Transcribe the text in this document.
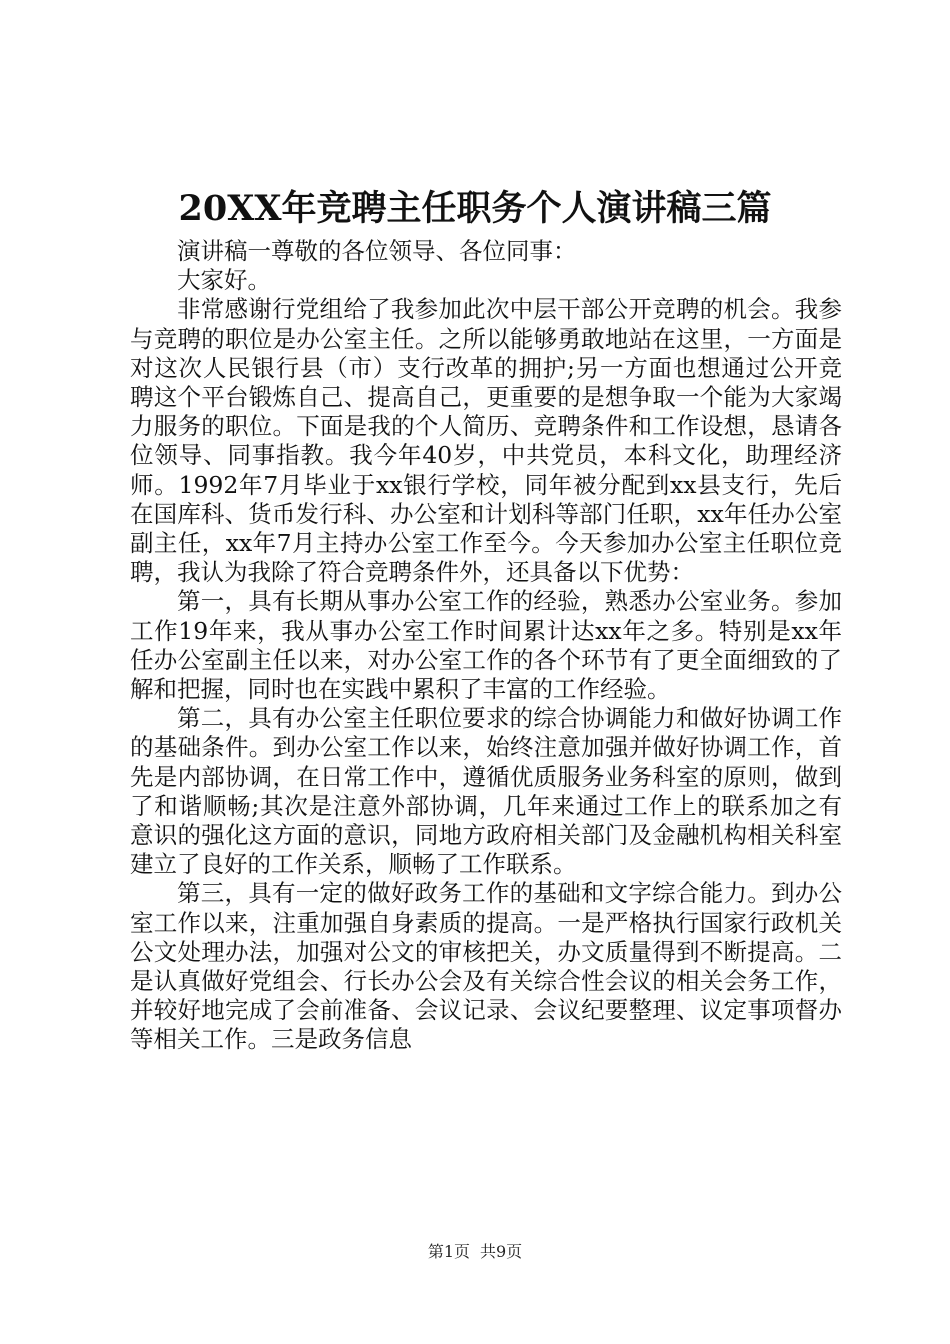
20XX年竞聘主任职务个人演讲稿三篇

演讲稿一尊敬的各位领导、各位同事：

大家好。

非常感谢行党组给了我参加此次中层干部公开竞聘的机会。我参与竞聘的职位是办公室主任。之所以能够勇敢地站在这里，一方面是对这次人民银行县（市）支行改革的拥护;另一方面也想通过公开竞聘这个平台锻炼自己、提高自己，更重要的是想争取一个能为大家竭力服务的职位。下面是我的个人简历、竞聘条件和工作设想，恳请各位领导、同事指教。我今年40岁，中共党员，本科文化，助理经济师。1992年7月毕业于xx银行学校，同年被分配到xx县支行，先后在国库科、货币发行科、办公室和计划科等部门任职，xx年任办公室副主任，xx年7月主持办公室工作至今。今天参加办公室主任职位竞聘，我认为我除了符合竞聘条件外，还具备以下优势：

第一，具有长期从事办公室工作的经验，熟悉办公室业务。参加工作19年来，我从事办公室工作时间累计达xx年之多。特别是xx年任办公室副主任以来，对办公室工作的各个环节有了更全面细致的了解和把握，同时也在实践中累积了丰富的工作经验。

第二，具有办公室主任职位要求的综合协调能力和做好协调工作的基础条件。到办公室工作以来，始终注意加强并做好协调工作，首先是内部协调，在日常工作中，遵循优质服务业务科室的原则，做到了和谐顺畅;其次是注意外部协调，几年来通过工作上的联系加之有意识的强化这方面的意识，同地方政府相关部门及金融机构相关科室建立了良好的工作关系，顺畅了工作联系。

第三，具有一定的做好政务工作的基础和文字综合能力。到办公室工作以来，注重加强自身素质的提高。一是严格执行国家行政机关公文处理办法，加强对公文的审核把关，办文质量得到不断提高。二是认真做好党组会、行长办公会及有关综合性会议的相关会务工作，并较好地完成了会前准备、会议记录、会议纪要整理、议定事项督办等相关工作。三是政务信息

第1页 共9页
